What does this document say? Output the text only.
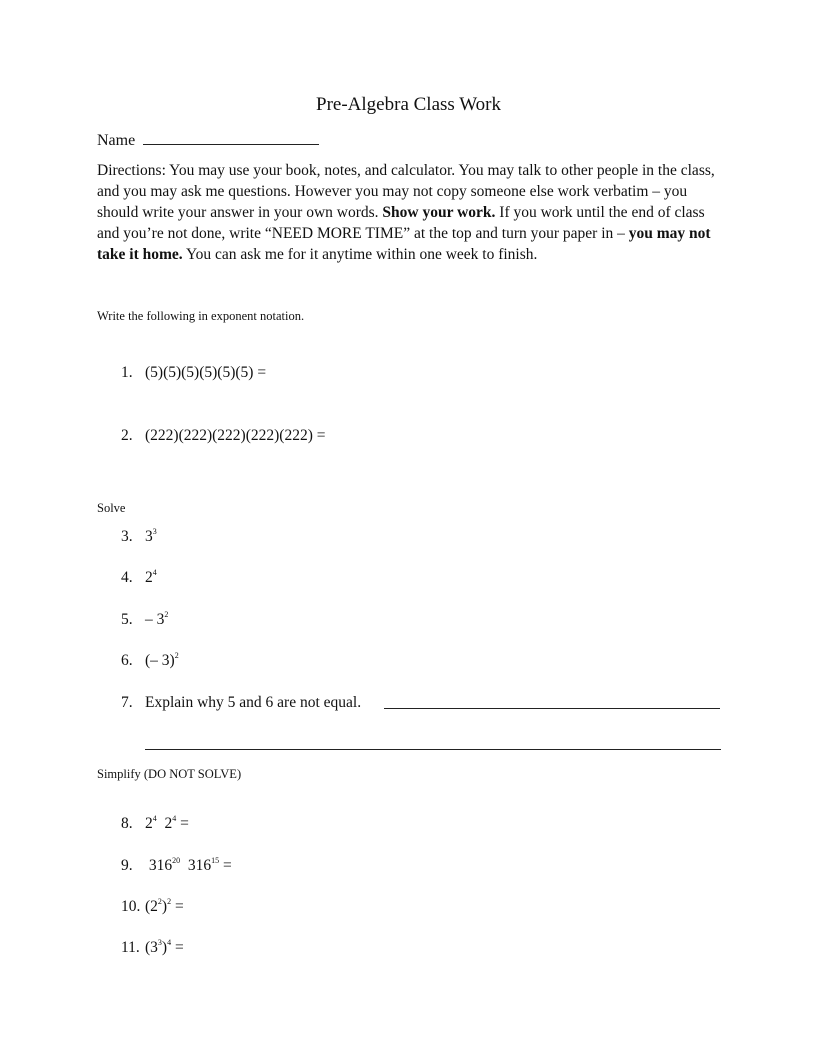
Pre-Algebra Class Work
Name
Directions: You may use your book, notes, and calculator. You may talk to other people in the class, and you may ask me questions. However you may not copy someone else work verbatim – you should write your answer in your own words. Show your work. If you work until the end of class and you’re not done, write “NEED MORE TIME” at the top and turn your paper in – you may not take it home. You can ask me for it anytime within one week to finish.
Write the following in exponent notation.
1. (5)(5)(5)(5)(5)(5) =
2. (222)(222)(222)(222)(222) =
Solve
3. $3^3$
4. $2^4$
5. – $3^2$
6. (– 3)$^2$
7. Explain why 5 and 6 are not equal.
Simplify (DO NOT SOLVE)
8. $2^4$ $2^4$ =
9. $316^{20}$ $316^{15}$ =
10. $(2^2)^2$ =
11. $(3^3)^4$ =
